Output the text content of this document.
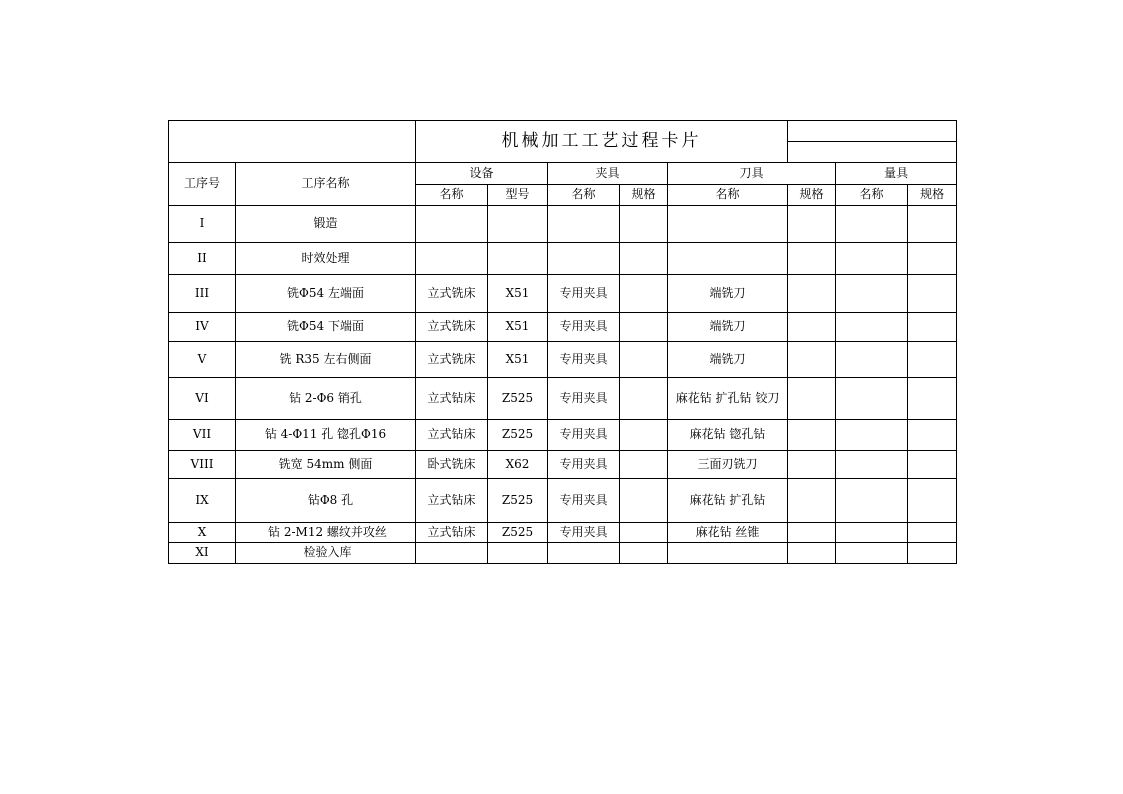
		机械加工工艺过程卡片							

工序号	工序名称	设备		夹具		刀具		量具	
		名称	型号	名称	规格	名称	规格	名称	规格
I	锻造								
II	时效处理								
III	铣Φ54 左端面	立式铣床	X51	专用夹具		端铣刀			
IV	铣Φ54 下端面	立式铣床	X51	专用夹具		端铣刀			
V	铣 R35 左右侧面	立式铣床	X51	专用夹具		端铣刀			
VI	钻 2-Φ6 销孔	立式钻床	Z525	专用夹具		麻花钻 扩孔钻 铰刀			
VII	钻 4-Φ11 孔 锪孔Φ16	立式钻床	Z525	专用夹具		麻花钻 锪孔钻			
VIII	铣宽 54mm 侧面	卧式铣床	X62	专用夹具		三面刃铣刀			
IX	钻Φ8 孔	立式钻床	Z525	专用夹具		麻花钻 扩孔钻			
X	钻 2-M12 螺纹并攻丝	立式钻床	Z525	专用夹具		麻花钻 丝锥			
XI	检验入库								
